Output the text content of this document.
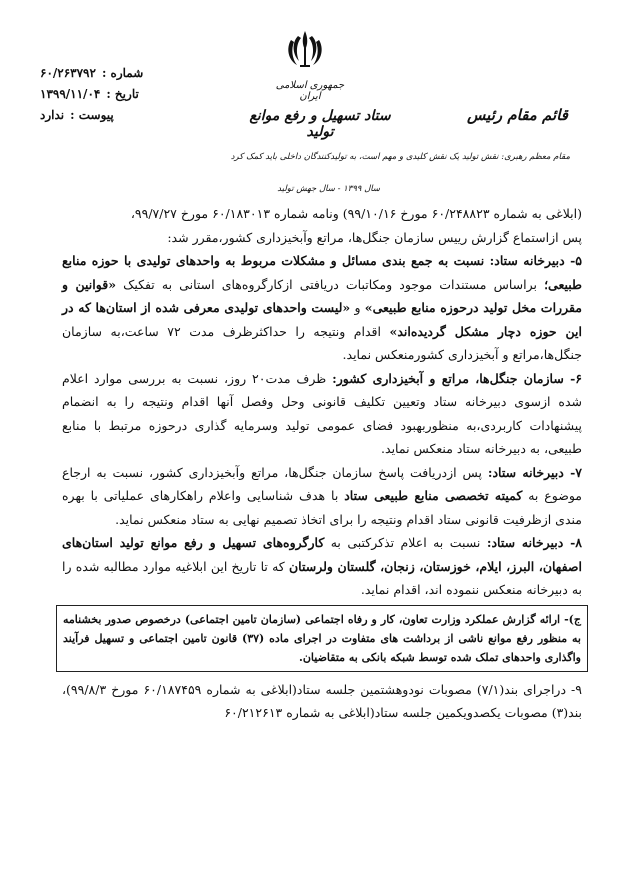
جمهوری اسلامی ایران
ستاد تسهیل و رفع موانع تولید
قائم مقام رئیس
شماره :
۶۰/۲۶۳۷۹۲
تاریخ :
۱۳۹۹/۱۱/۰۴
پیوست :
ندارد
مقام معظم رهبری: نقش تولید یک نقش کلیدی و مهم است، به تولیدکنندگان داخلی باید کمک کرد
سال ۱۳۹۹ - سال جهش تولید

(ابلاغی به شماره ۶۰/۲۴۸۸۲۳ مورخ ۹۹/۱۰/۱۶) ونامه شماره ۶۰/۱۸۳۰۱۳ مورخ ۹۹/۷/۲۷،

پس ازاستماع گزارش رییس سازمان جنگل‌ها، مراتع وآبخیزداری کشور،مقرر شد:

۵- دبیرخانه ستاد: نسبت به جمع بندی مسائل و مشکلات مربوط به واحدهای تولیدی با حوزه منابع طبیعی؛ براساس مستندات موجود ومکاتبات دریافتی ازکارگروه‌های استانی به تفکیک «قوانین و مقررات مخل تولید درحوزه منابع طبیعی» و «لیست واحدهای تولیدی معرفی شده از استان‌ها که در این حوزه دچار مشکل گردیده‌اند» اقدام ونتیجه را حداکثرظرف مدت ۷۲ ساعت،به سازمان جنگل‌ها،مراتع و آبخیزداری کشورمنعکس نماید.

۶- سازمان جنگل‌ها، مراتع و آبخیزداری کشور: ظرف مدت۲۰ روز، نسبت به بررسی موارد اعلام شده ازسوی دبیرخانه ستاد وتعیین تکلیف قانونی وحل وفصل آنها اقدام ونتیجه را به انضمام پیشنهادات کاربردی،به منظوربهبود فضای عمومی تولید وسرمایه گذاری درحوزه مرتبط با منابع طبیعی، به دبیرخانه ستاد منعکس نماید.

۷- دبیرخانه ستاد: پس ازدریافت پاسخ سازمان جنگل‌ها، مراتع وآبخیزداری کشور، نسبت به ارجاع موضوع به کمیته تخصصی منابع طبیعی ستاد با هدف شناسایی واعلام راهکارهای عملیاتی با بهره مندی ازظرفیت قانونی ستاد اقدام ونتیجه را برای اتخاذ تصمیم نهایی به ستاد منعکس نماید.

۸- دبیرخانه ستاد: نسبت به اعلام تذکرکتبی به کارگروه‌های تسهیل و رفع موانع تولید استان‌های اصفهان، البرز، ایلام، خوزستان، زنجان، گلستان ولرستان که تا تاریخ این ابلاغیه موارد مطالبه شده را به دبیرخانه منعکس ننموده اند، اقدام نماید.

ج)- ارائه گزارش عملکرد وزارت تعاون، کار و رفاه اجتماعی (سازمان تامین اجتماعی) درخصوص صدور بخشنامه به منظور رفع موانع ناشی از برداشت های متفاوت در اجرای ماده (۳۷) قانون تامین اجتماعی و تسهیل فرآیند واگذاری واحدهای تملک شده توسط شبکه بانکی به متقاضیان.

۹- دراجرای بند(۷/۱) مصوبات نودوهشتمین جلسه ستاد(ابلاغی به شماره ۶۰/۱۸۷۴۵۹ مورخ ۹۹/۸/۳)، بند(۳) مصوبات یکصدویکمین جلسه ستاد(ابلاغی به شماره ۶۰/۲۱۲۶۱۳
